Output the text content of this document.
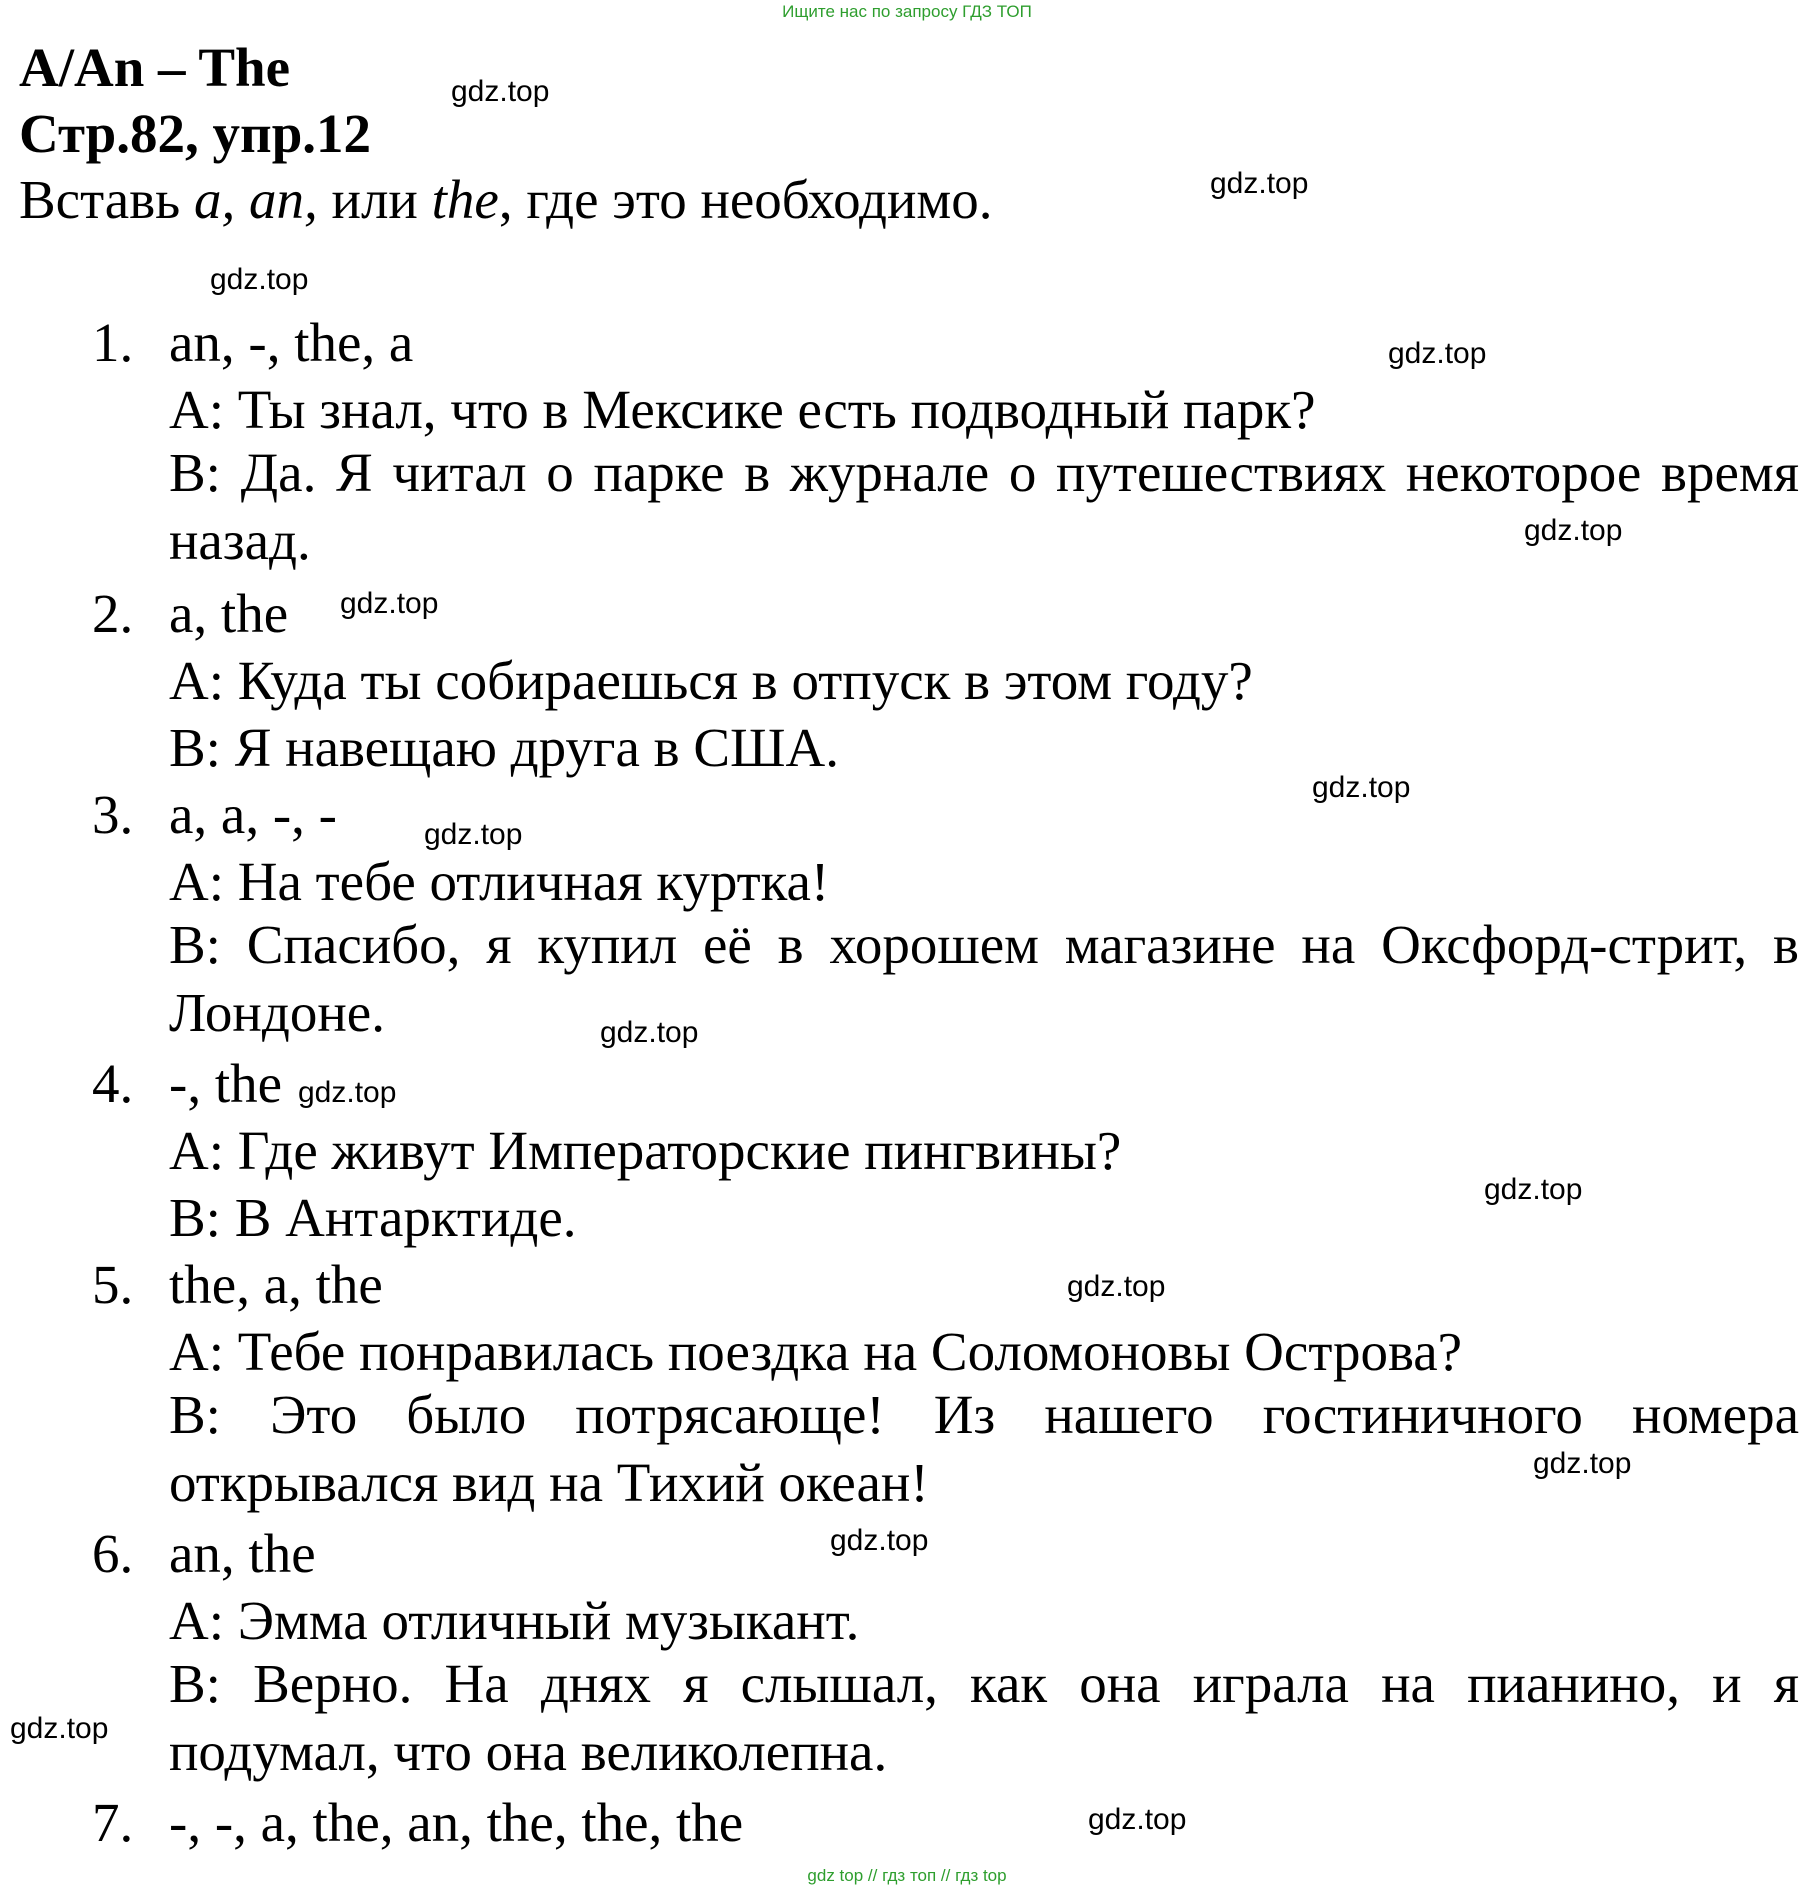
Ищите нас по запросу ГДЗ ТОП
A/An – The
Стр.82, упр.12
Вставь a, an, или the, где это необходимо.
1. an, -, the, a
A: Ты знал, что в Мексике есть подводный парк?
B: Да. Я читал о парке в журнале о путешествиях некоторое время назад.
2. a, the
A: Куда ты собираешься в отпуск в этом году?
B: Я навещаю друга в США.
3. a, a, -, -
A: На тебе отличная куртка!
B: Спасибо, я купил её в хорошем магазине на Оксфорд-стрит, в Лондоне.
4. -, the
A: Где живут Императорские пингвины?
B: В Антарктиде.
5. the, a, the
A: Тебе понравилась поездка на Соломоновы Острова?
B: Это было потрясающе! Из нашего гостиничного номера открывался вид на Тихий океан!
6. an, the
A: Эмма отличный музыкант.
B: Верно. На днях я слышал, как она играла на пианино, и я подумал, что она великолепна.
7. -, -, a, the, an, the, the, the
gdz.top
gdz.top
gdz.top
gdz.top
gdz.top
gdz.top
gdz.top
gdz.top
gdz.top
gdz.top
gdz.top
gdz.top
gdz.top
gdz.top
gdz.top
gdz.top
gdz top // гдз топ // гдз top
